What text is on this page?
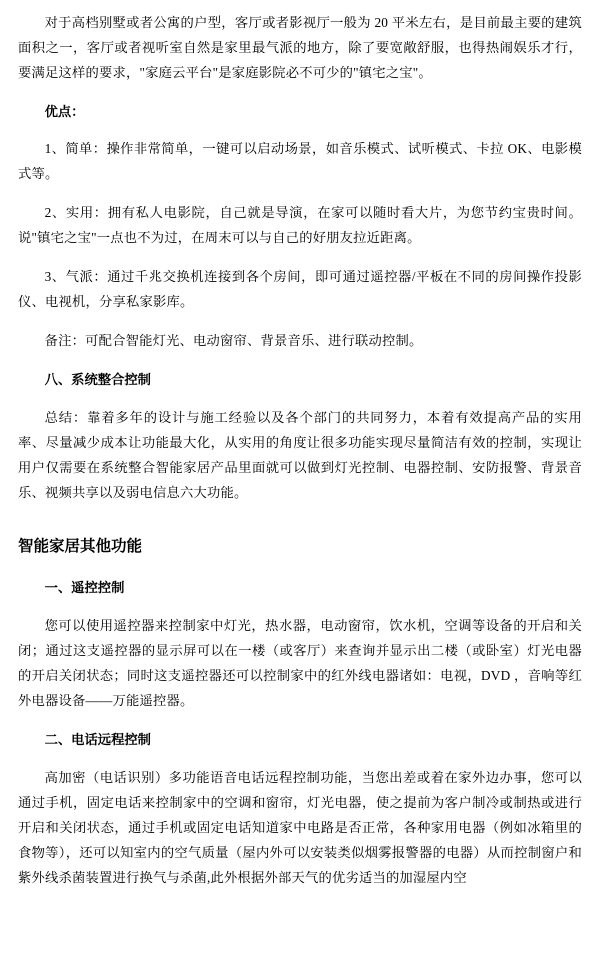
对于高档别墅或者公寓的户型，客厅或者影视厅一般为 20 平米左右，是目前最主要的建筑面积之一，客厅或者视听室自然是家里最气派的地方，除了要宽敞舒服，也得热闹娱乐才行，要满足这样的要求，"家庭云平台"是家庭影院必不可少的"镇宅之宝"。

优点：

1、简单：操作非常简单，一键可以启动场景，如音乐模式、试听模式、卡拉 OK、电影模式等。

2、实用：拥有私人电影院，自己就是导演，在家可以随时看大片，为您节约宝贵时间。说"镇宅之宝"一点也不为过，在周末可以与自己的好朋友拉近距离。

3、气派：通过千兆交换机连接到各个房间，即可通过遥控器/平板在不同的房间操作投影仪、电视机，分享私家影库。

备注：可配合智能灯光、电动窗帘、背景音乐、进行联动控制。

八、系统整合控制

总结：靠着多年的设计与施工经验以及各个部门的共同努力，本着有效提高产品的实用率、尽量减少成本让功能最大化，从实用的角度让很多功能实现尽量简洁有效的控制，实现让用户仅需要在系统整合智能家居产品里面就可以做到灯光控制、电器控制、安防报警、背景音乐、视频共享以及弱电信息六大功能。

智能家居其他功能

一、遥控控制

您可以使用遥控器来控制家中灯光，热水器，电动窗帘，饮水机，空调等设备的开启和关闭；通过这支遥控器的显示屏可以在一楼（或客厅）来查询并显示出二楼（或卧室）灯光电器的开启关闭状态；同时这支遥控器还可以控制家中的红外线电器诸如：电视，DVD ，音响等红外电器设备——万能遥控器。

二、电话远程控制

高加密（电话识别）多功能语音电话远程控制功能，当您出差或着在家外边办事，您可以通过手机，固定电话来控制家中的空调和窗帘，灯光电器，使之提前为客户制冷或制热或进行开启和关闭状态，通过手机或固定电话知道家中电路是否正常，各种家用电器（例如冰箱里的食物等），还可以知室内的空气质量（屋内外可以安装类似烟雾报警器的电器）从而控制窗户和紫外线杀菌装置进行换气与杀菌,此外根据外部天气的优劣适当的加湿屋内空
